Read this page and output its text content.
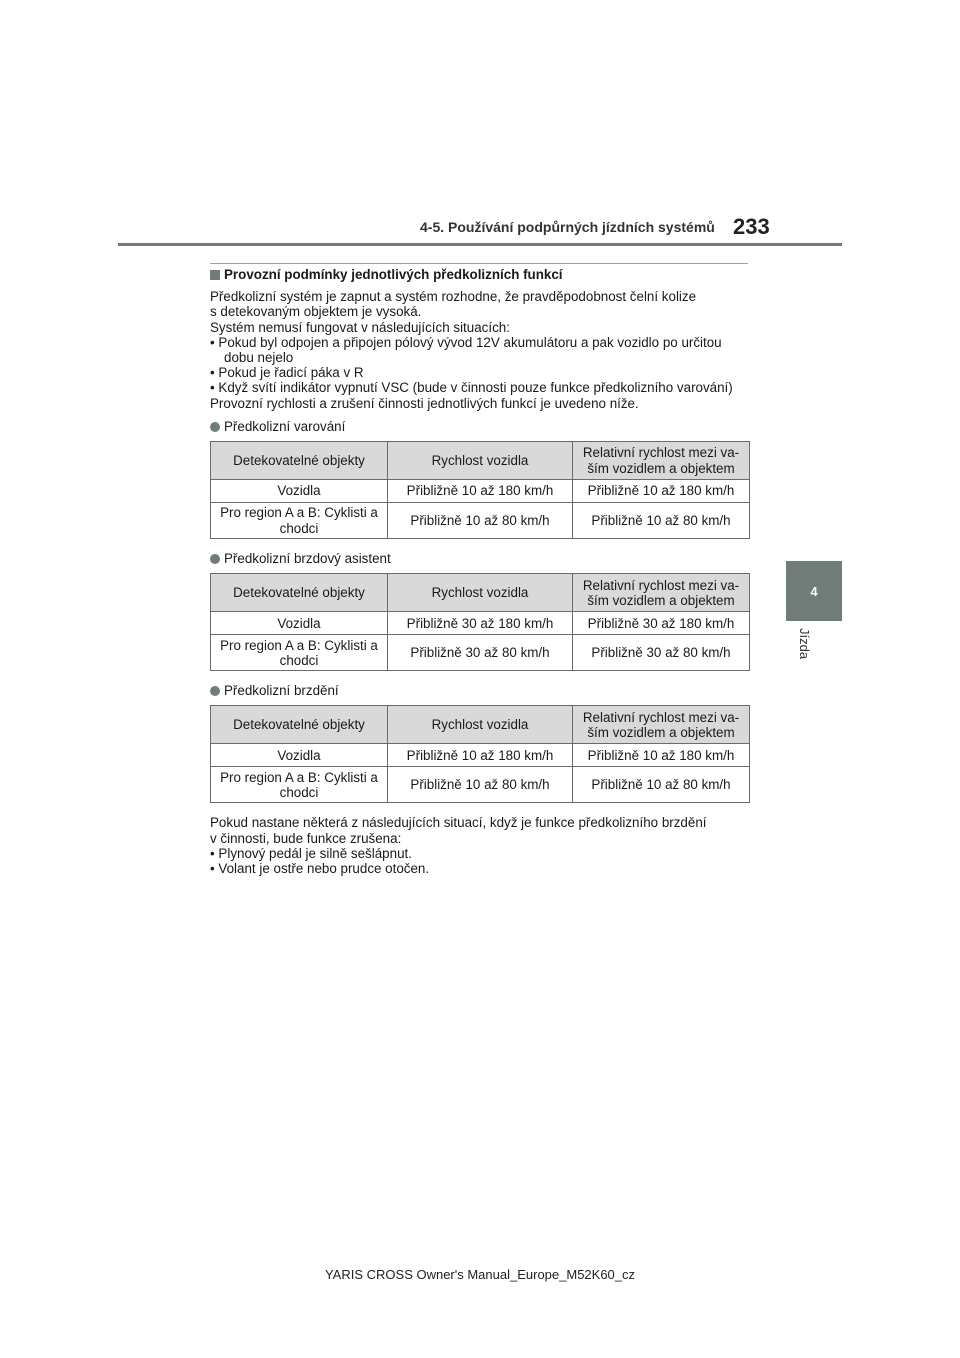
4-5. Používání podpůrných jízdních systémů 233
4
Jízda
Provozní podmínky jednotlivých předkolizních funkcí
Předkolizní systém je zapnut a systém rozhodne, že pravděpodobnost čelní kolize
s detekovaným objektem je vysoká.
Systém nemusí fungovat v následujících situacích:
• Pokud byl odpojen a připojen pólový vývod 12V akumulátoru a pak vozidlo po určitou dobu nejelo
• Pokud je řadicí páka v R
• Když svítí indikátor vypnutí VSC (bude v činnosti pouze funkce předkolizního varování)
Provozní rychlosti a zrušení činnosti jednotlivých funkcí je uvedeno níže.
Předkolizní varování
Detekovatelné objekty	Rychlost vozidla	Relativní rychlost mezi va-ším vozidlem a objektem
Vozidla	Přibližně 10 až 180 km/h	Přibližně 10 až 180 km/h
Pro region A a B: Cyklisti a chodci	Přibližně 10 až 80 km/h	Přibližně 10 až 80 km/h
Předkolizní brzdový asistent
Detekovatelné objekty	Rychlost vozidla	Relativní rychlost mezi va-ším vozidlem a objektem
Vozidla	Přibližně 30 až 180 km/h	Přibližně 30 až 180 km/h
Pro region A a B: Cyklisti a chodci	Přibližně 30 až 80 km/h	Přibližně 30 až 80 km/h
Předkolizní brzdění
Detekovatelné objekty	Rychlost vozidla	Relativní rychlost mezi va-ším vozidlem a objektem
Vozidla	Přibližně 10 až 180 km/h	Přibližně 10 až 180 km/h
Pro region A a B: Cyklisti a chodci	Přibližně 10 až 80 km/h	Přibližně 10 až 80 km/h
Pokud nastane některá z následujících situací, když je funkce předkolizního brzdění
v činnosti, bude funkce zrušena:
• Plynový pedál je silně sešlápnut.
• Volant je ostře nebo prudce otočen.
YARIS CROSS Owner's Manual_Europe_M52K60_cz
